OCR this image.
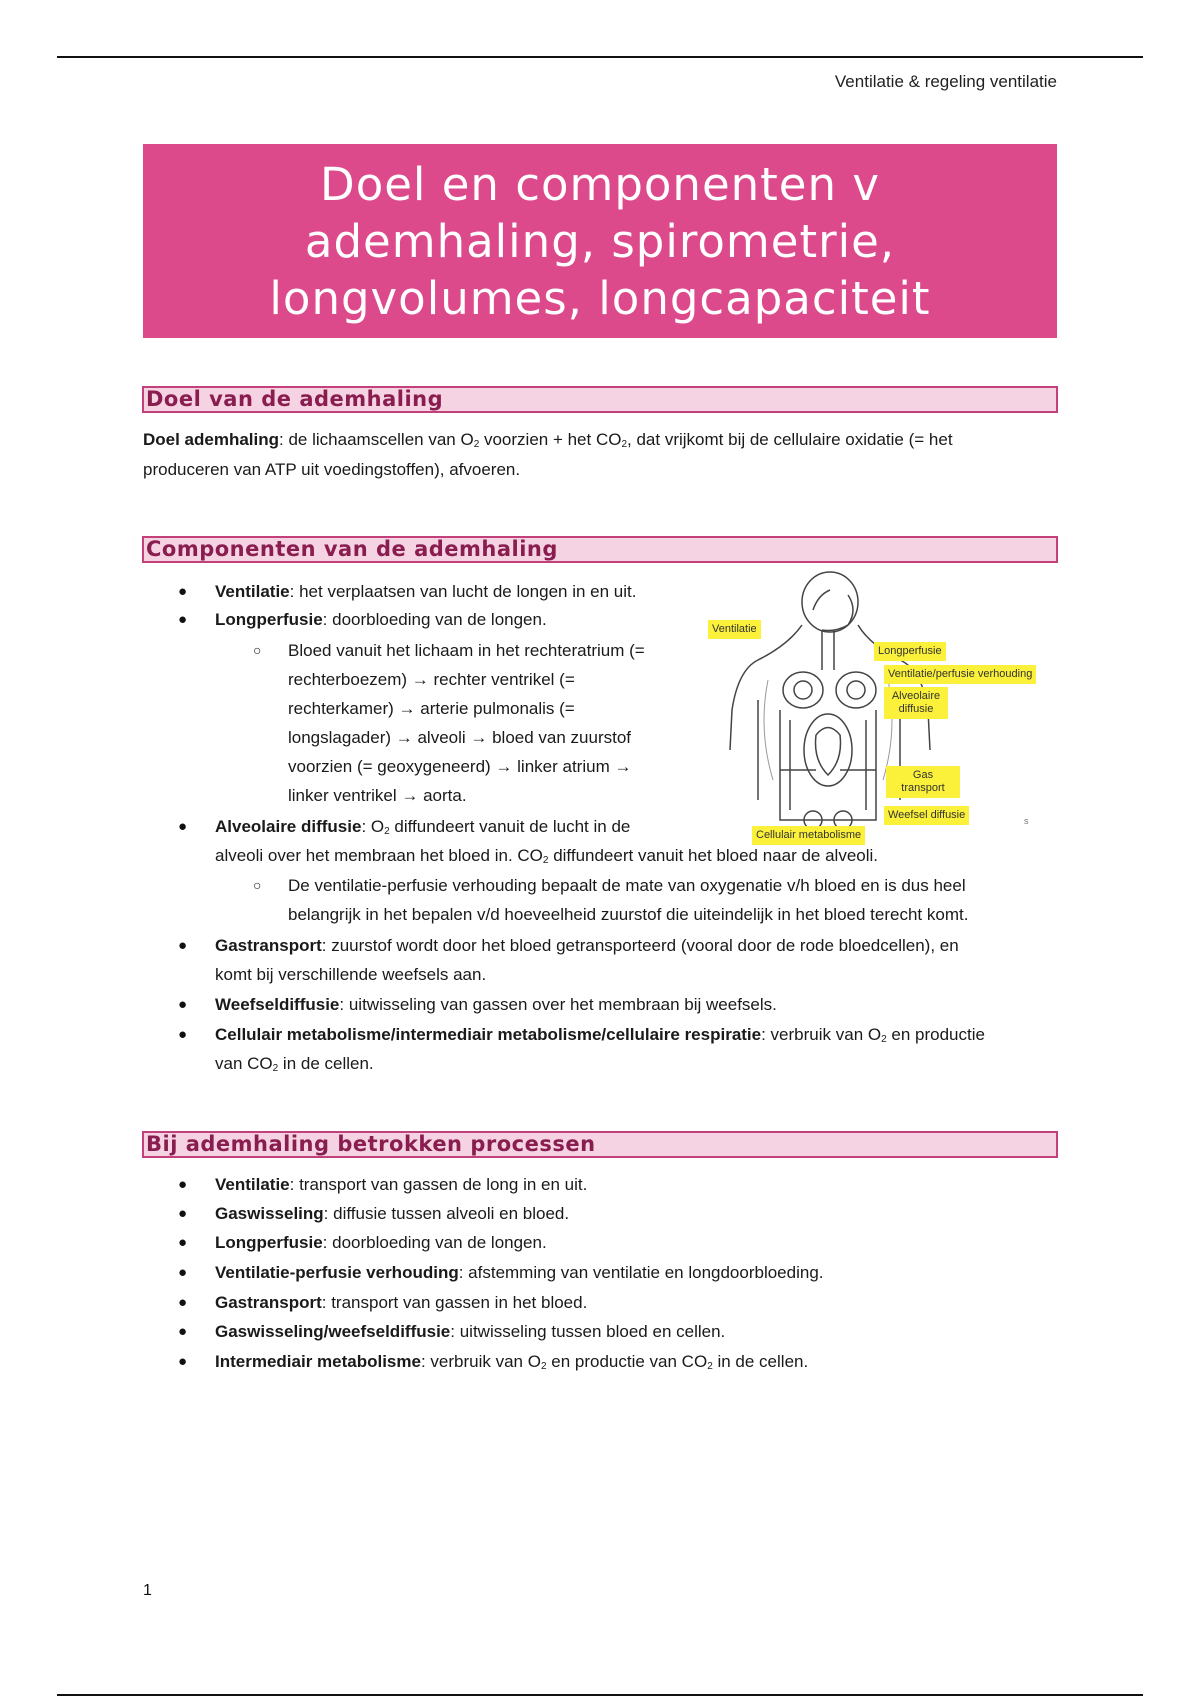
Ventilatie & regeling ventilatie
Doel en componenten v ademhaling, spirometrie, longvolumes, longcapaciteit
Doel van de ademhaling
Doel ademhaling: de lichaamscellen van $O_2$ voorzien + het $CO_2$, dat vrijkomt bij de cellulaire oxidatie (= het
produceren van ATP uit voedingstoffen), afvoeren.
Componenten van de ademhaling
● Ventilatie: het verplaatsen van lucht de longen in en uit.
● Longperfusie: doorbloeding van de longen.
○ Bloed vanuit het lichaam in het rechteratrium (=
rechterboezem) → rechter ventrikel (=
rechterkamer) → arterie pulmonalis (=
longslagader) → alveoli → bloed van zuurstof
voorzien (= geoxygeneerd) → linker atrium →
linker ventrikel → aorta.
● Alveolaire diffusie: $O_2$ diffundeert vanuit de lucht in de
alveoli over het membraan het bloed in. $CO_2$ diffundeert vanuit het bloed naar de alveoli.
○ De ventilatie-perfusie verhouding bepaalt de mate van oxygenatie v/h bloed en is dus heel
belangrijk in het bepalen v/d hoeveelheid zuurstof die uiteindelijk in het bloed terecht komt.
● Gastransport: zuurstof wordt door het bloed getransporteerd (vooral door de rode bloedcellen), en
komt bij verschillende weefsels aan.
● Weefseldiffusie: uitwisseling van gassen over het membraan bij weefsels.
● Cellulair metabolisme/intermediair metabolisme/cellulaire respiratie: verbruik van $O_2$ en productie
van $CO_2$ in de cellen.
Ventilatie
Longperfusie
Ventilatie/perfusie verhouding
Alveolaire diffusie
Gas transport
Weefsel diffusie
Cellulair metabolisme
s
Bij ademhaling betrokken processen
● Ventilatie: transport van gassen de long in en uit.
● Gaswisseling: diffusie tussen alveoli en bloed.
● Longperfusie: doorbloeding van de longen.
● Ventilatie-perfusie verhouding: afstemming van ventilatie en longdoorbloeding.
● Gastransport: transport van gassen in het bloed.
● Gaswisseling/weefseldiffusie: uitwisseling tussen bloed en cellen.
● Intermediair metabolisme: verbruik van $O_2$ en productie van $CO_2$ in de cellen.
1
